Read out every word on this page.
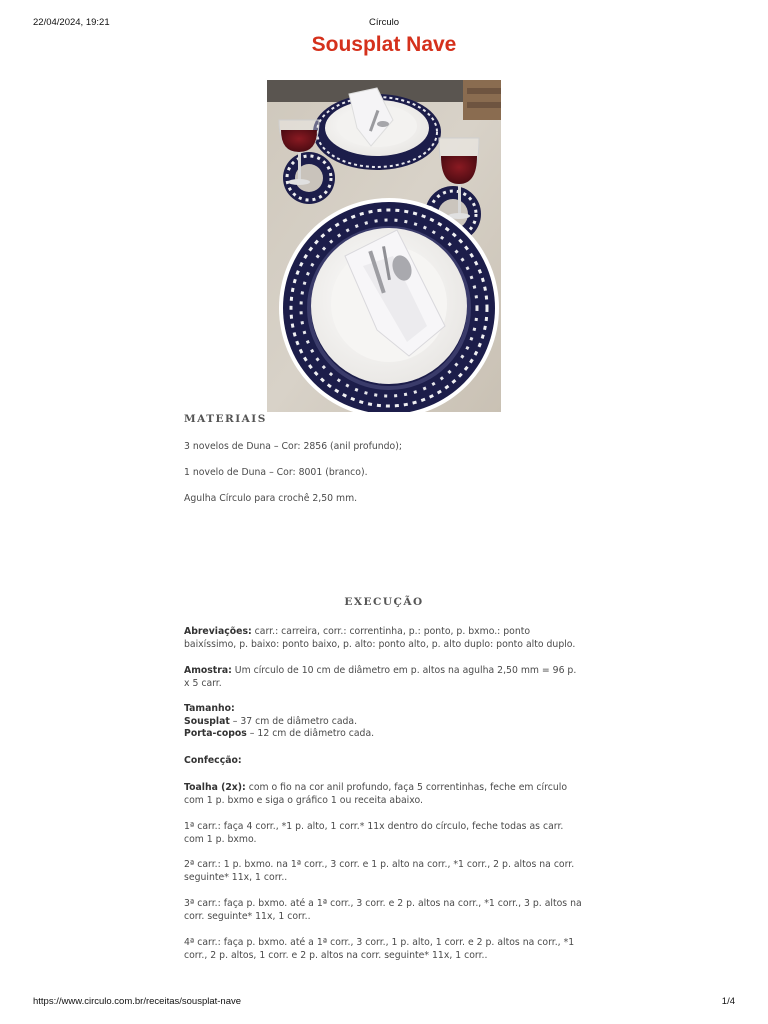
22/04/2024, 19:21	Círculo
Sousplat Nave
MATERIAIS

3 novelos de Duna – Cor: 2856 (anil profundo);

1 novelo de Duna – Cor: 8001 (branco).

Agulha Círculo para crochê 2,50 mm.

EXECUÇÃO

Abreviações: carr.: carreira, corr.: correntinha, p.: ponto, p. bxmo.: ponto baixíssimo, p. baixo: ponto baixo, p. alto: ponto alto, p. alto duplo: ponto alto duplo.

Amostra: Um círculo de 10 cm de diâmetro em p. altos na agulha 2,50 mm = 96 p. x 5 carr.

Tamanho:

Sousplat – 37 cm de diâmetro cada.

Porta-copos – 12 cm de diâmetro cada.

Confecção:

Toalha (2x): com o fio na cor anil profundo, faça 5 correntinhas, feche em círculo com 1 p. bxmo e siga o gráfico 1 ou receita abaixo.

1ª carr.: faça 4 corr., *1 p. alto, 1 corr.* 11x dentro do círculo, feche todas as carr. com 1 p. bxmo.

2ª carr.: 1 p. bxmo. na 1ª corr., 3 corr. e 1 p. alto na corr., *1 corr., 2 p. altos na corr. seguinte* 11x, 1 corr..

3ª carr.: faça p. bxmo. até a 1ª corr., 3 corr. e 2 p. altos na corr., *1 corr., 3 p. altos na corr. seguinte* 11x, 1 corr..

4ª carr.: faça p. bxmo. até a 1ª corr., 3 corr., 1 p. alto, 1 corr. e 2 p. altos na corr., *1 corr., 2 p. altos, 1 corr. e 2 p. altos na corr. seguinte* 11x, 1 corr..

https://www.circulo.com.br/receitas/sousplat-nave	1/4
